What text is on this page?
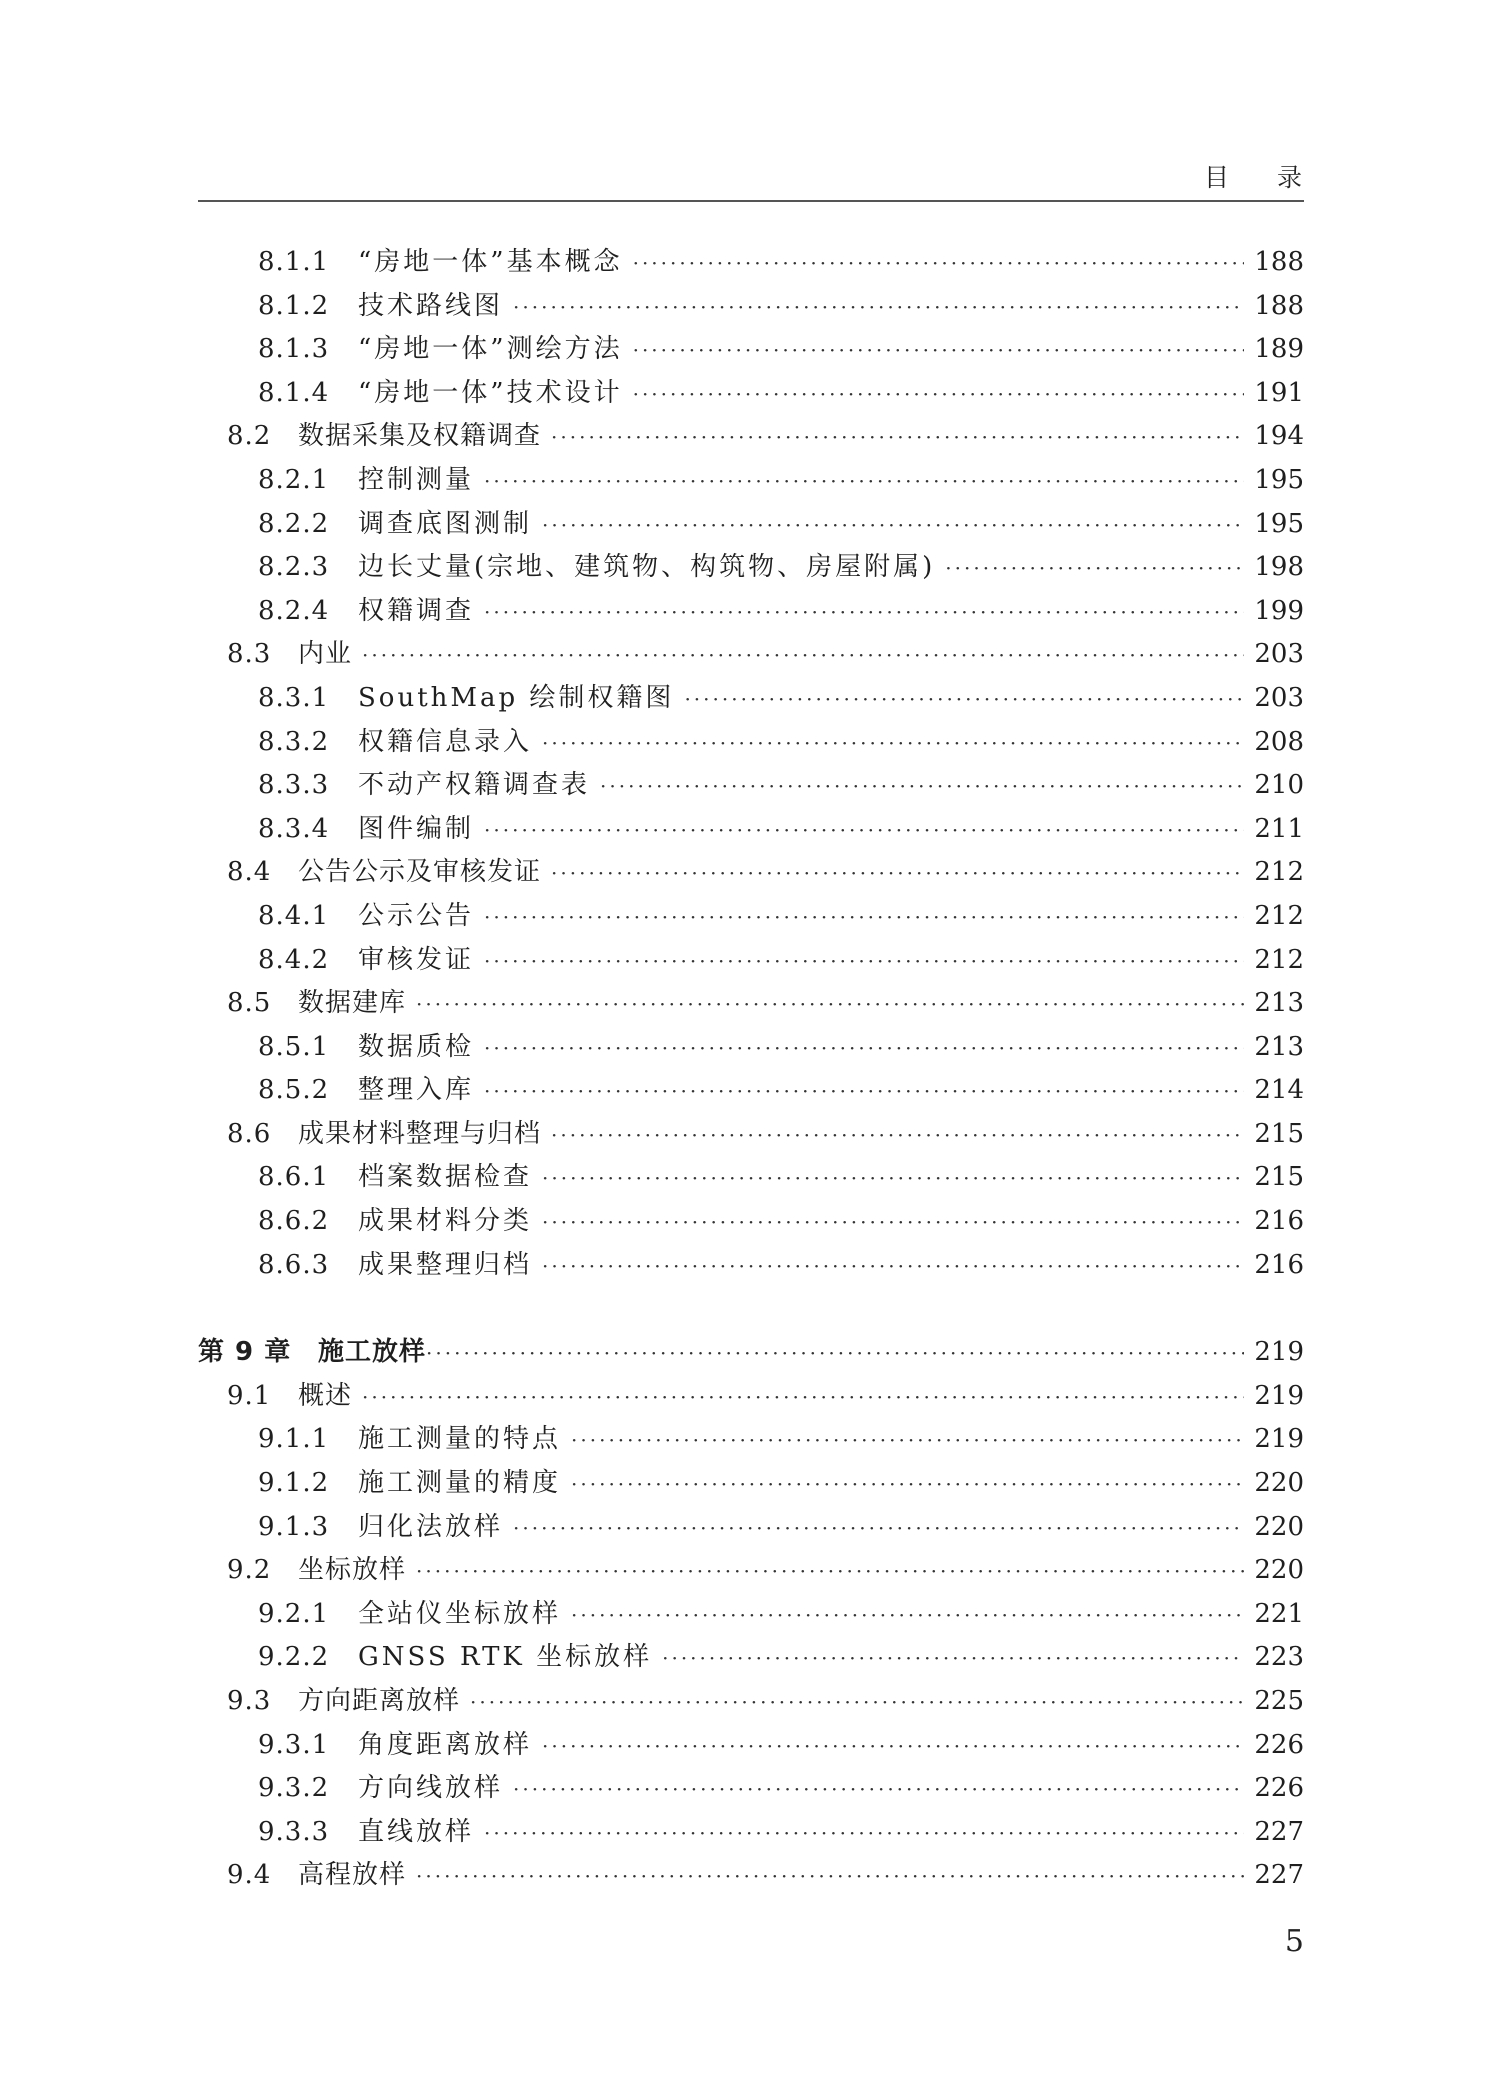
目 录
8.1.1	“房地一体”基本概念 ·····	188
8.1.2	技术路线图 ·····	188
8.1.3	“房地一体”测绘方法 ·····	189
8.1.4	“房地一体”技术设计 ·····	191
8.2	数据采集及权籍调查 ·····	194
8.2.1	控制测量 ·····	195
8.2.2	调查底图测制 ·····	195
8.2.3	边长丈量(宗地、建筑物、构筑物、房屋附属) ·····	198
8.2.4	权籍调查 ·····	199
8.3	内业 ·····	203
8.3.1	SouthMap 绘制权籍图 ·····	203
8.3.2	权籍信息录入 ·····	208
8.3.3	不动产权籍调查表 ·····	210
8.3.4	图件编制 ·····	211
8.4	公告公示及审核发证 ·····	212
8.4.1	公示公告 ·····	212
8.4.2	审核发证 ·····	212
8.5	数据建库 ·····	213
8.5.1	数据质检 ·····	213
8.5.2	整理入库 ·····	214
8.6	成果材料整理与归档 ·····	215
8.6.1	档案数据检查 ·····	215
8.6.2	成果材料分类 ·····	216
8.6.3	成果整理归档 ·····	216
第 9 章	施工放样 ·····	219
9.1	概述 ·····	219
9.1.1	施工测量的特点 ·····	219
9.1.2	施工测量的精度 ·····	220
9.1.3	归化法放样 ·····	220
9.2	坐标放样 ·····	220
9.2.1	全站仪坐标放样 ·····	221
9.2.2	GNSS RTK 坐标放样 ·····	223
9.3	方向距离放样 ·····	225
9.3.1	角度距离放样 ·····	226
9.3.2	方向线放样 ·····	226
9.3.3	直线放样 ·····	227
9.4	高程放样 ·····	227
5
